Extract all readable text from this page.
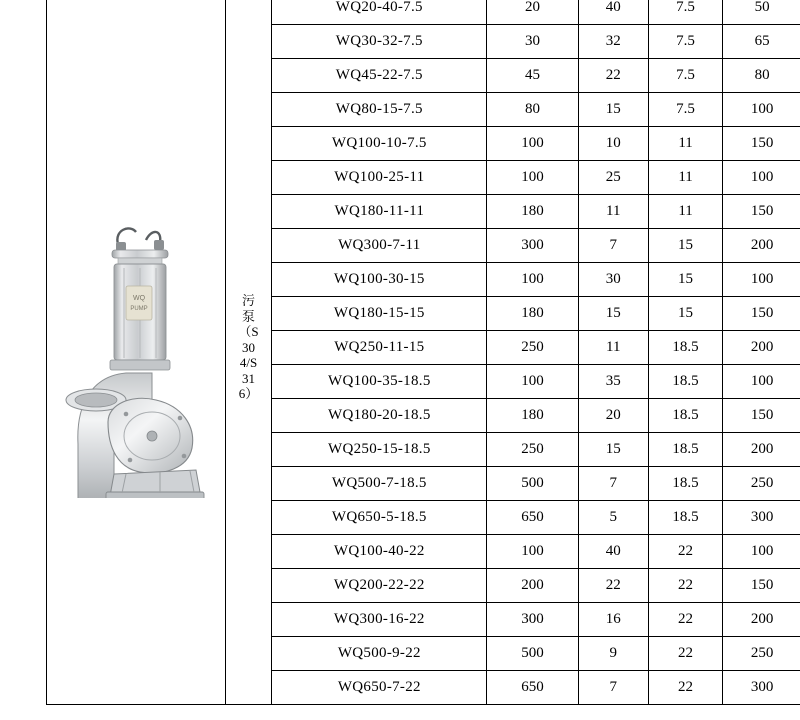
WQ
PUMP	污泵（S304/S316）	WQ20-40-7.5	20	40	7.5	50
		WQ30-32-7.5	30	32	7.5	65
		WQ45-22-7.5	45	22	7.5	80
		WQ80-15-7.5	80	15	7.5	100
		WQ100-10-7.5	100	10	11	150
		WQ100-25-11	100	25	11	100
		WQ180-11-11	180	11	11	150
		WQ300-7-11	300	7	15	200
		WQ100-30-15	100	30	15	100
		WQ180-15-15	180	15	15	150
		WQ250-11-15	250	11	18.5	200
		WQ100-35-18.5	100	35	18.5	100
		WQ180-20-18.5	180	20	18.5	150
		WQ250-15-18.5	250	15	18.5	200
		WQ500-7-18.5	500	7	18.5	250
		WQ650-5-18.5	650	5	18.5	300
		WQ100-40-22	100	40	22	100
		WQ200-22-22	200	22	22	150
		WQ300-16-22	300	16	22	200
		WQ500-9-22	500	9	22	250
		WQ650-7-22	650	7	22	300
